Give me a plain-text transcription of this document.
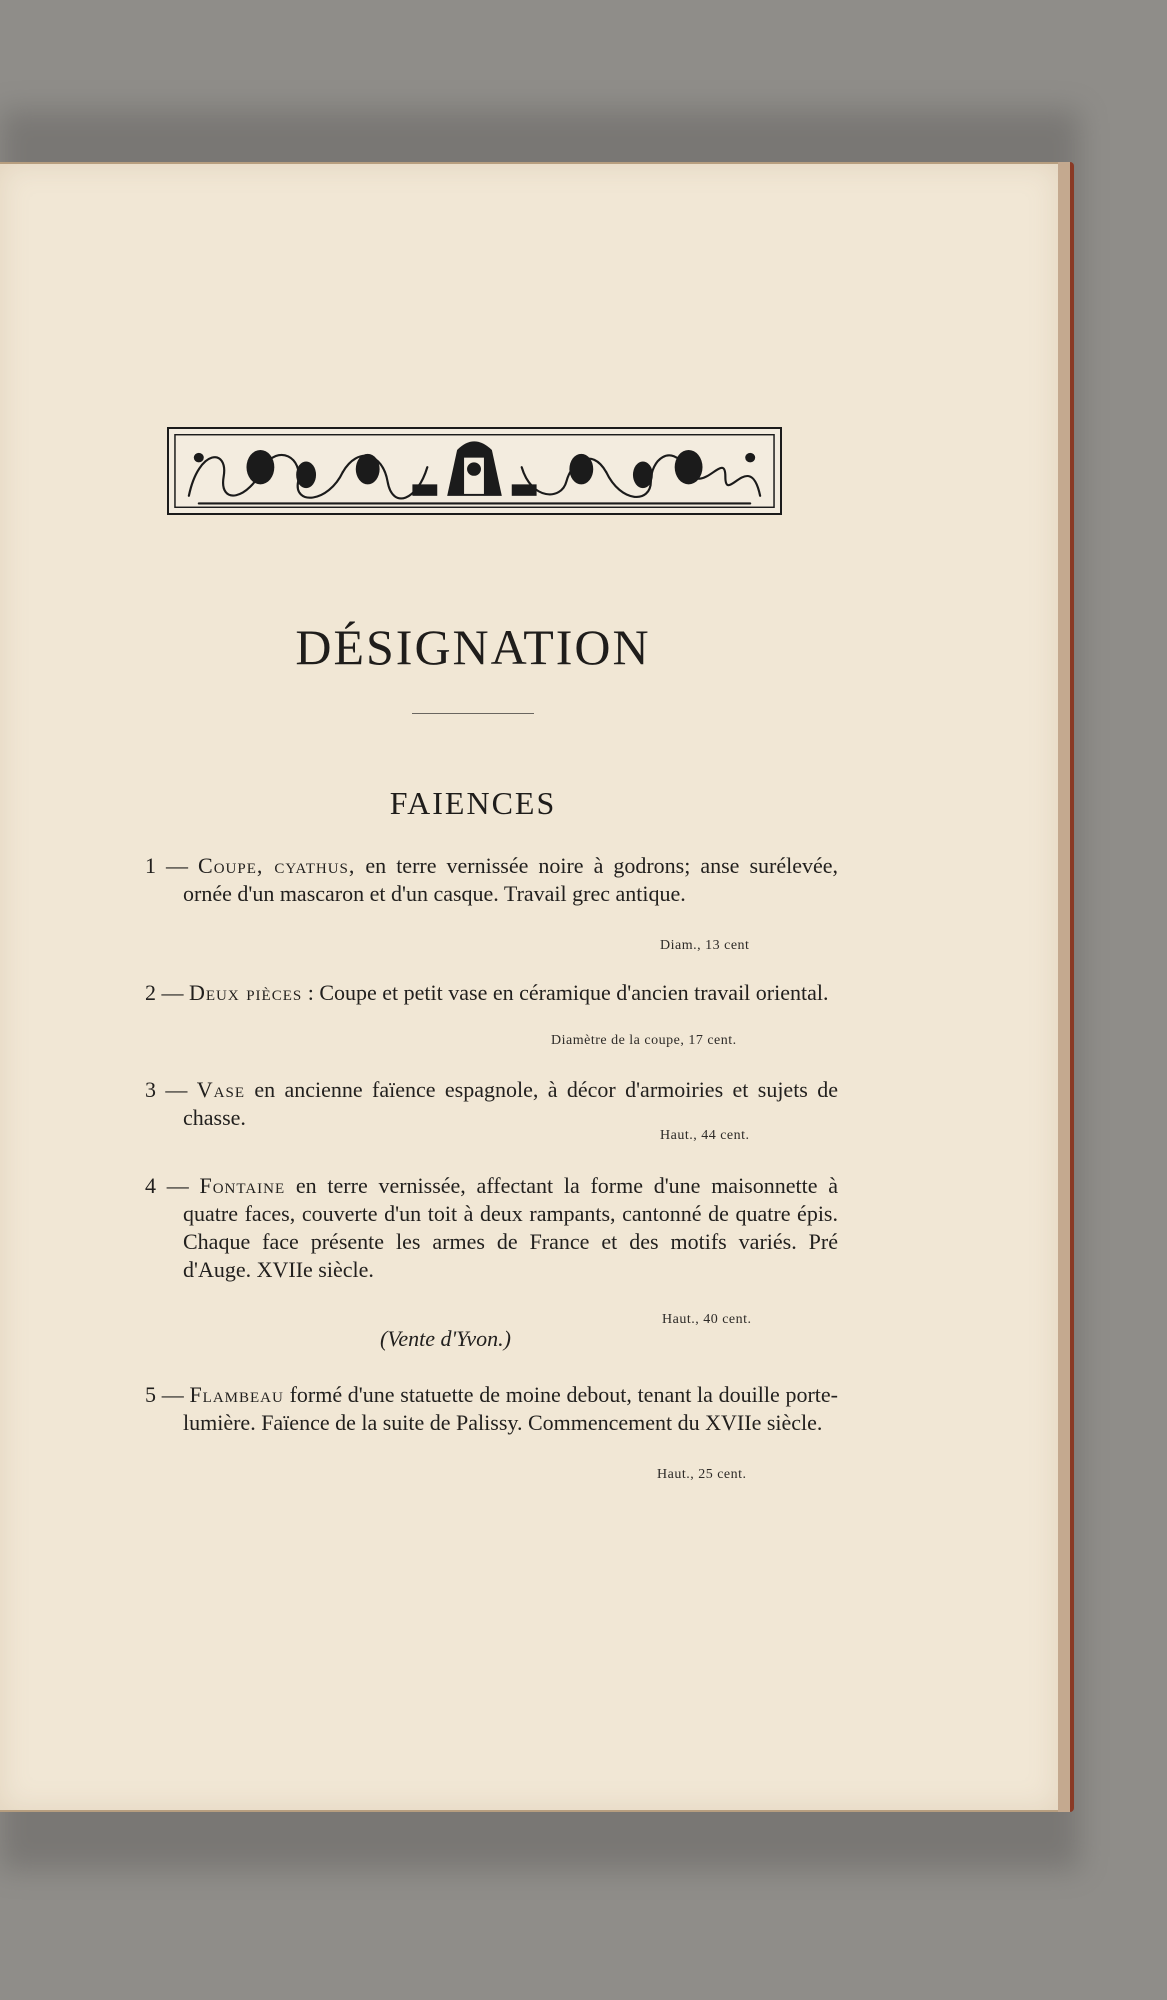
DÉSIGNATION
FAIENCES

1 — Coupe, cyathus, en terre vernissée noire à godrons; anse surélevée, ornée d'un mascaron et d'un casque. Travail grec antique.

Diam., 13 cent

2 — Deux pièces : Coupe et petit vase en céramique d'ancien travail oriental.

Diamètre de la coupe, 17 cent.

3 — Vase en ancienne faïence espagnole, à décor d'armoiries et sujets de chasse.

Haut., 44 cent.

4 — Fontaine en terre vernissée, affectant la forme d'une maisonnette à quatre faces, couverte d'un toit à deux rampants, cantonné de quatre épis. Chaque face présente les armes de France et des motifs variés. Pré d'Auge. XVIIe siècle.

Haut., 40 cent.
(Vente d'Yvon.)

5 — Flambeau formé d'une statuette de moine debout, tenant la douille porte-lumière. Faïence de la suite de Palissy. Commencement du XVIIe siècle.

Haut., 25 cent.
